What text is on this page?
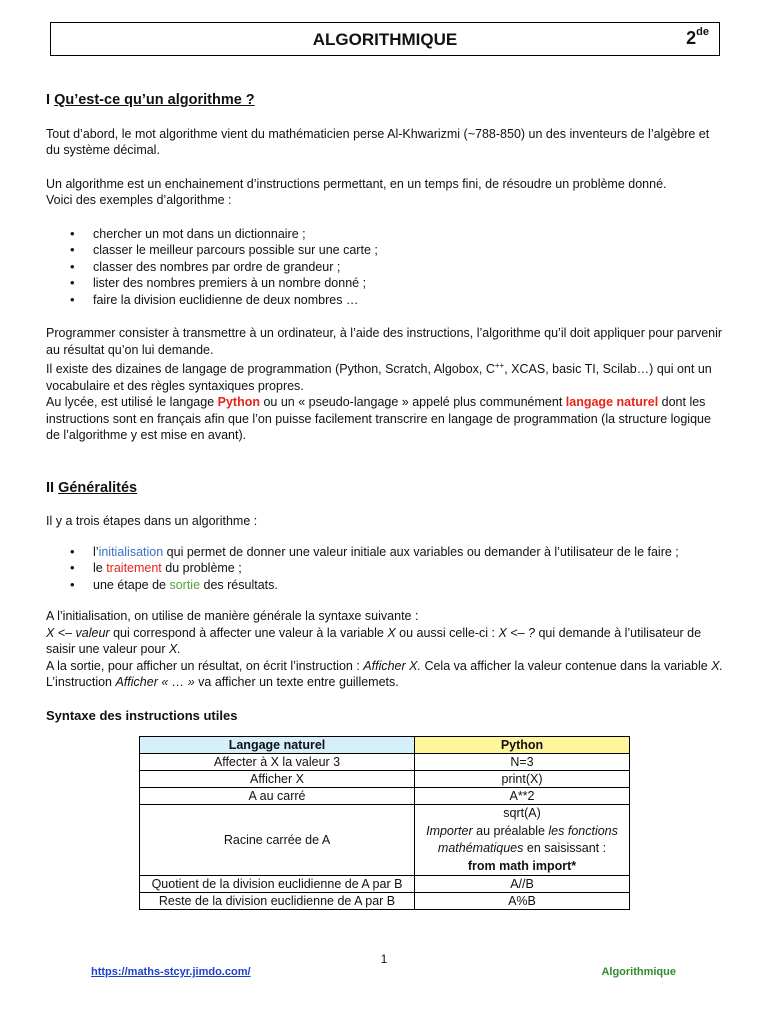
ALGORITHMIQUE	2de
I Qu’est-ce qu’un algorithme ?

Tout d’abord, le mot algorithme vient du mathématicien perse Al-Khwarizmi (~788-850) un des inventeurs de l’algèbre et du système décimal.

Un algorithme est un enchainement d’instructions permettant, en un temps fini, de résoudre un problème donné.

Voici des exemples d’algorithme :

• chercher un mot dans un dictionnaire ;
• classer le meilleur parcours possible sur une carte ;
• classer des nombres par ordre de grandeur ;
• lister des nombres premiers à un nombre donné ;
• faire la division euclidienne de deux nombres …

Programmer consister à transmettre à un ordinateur, à l’aide des instructions, l’algorithme qu’il doit appliquer pour parvenir au résultat qu’on lui demande.

Il existe des dizaines de langage de programmation (Python, Scratch, Algobox, C++, XCAS, basic TI, Scilab…) qui ont un vocabulaire et des règles syntaxiques propres.

Au lycée, est utilisé le langage Python ou un « pseudo-langage » appelé plus communément langage naturel dont les instructions sont en français afin que l’on puisse facilement transcrire en langage de programmation (la structure logique de l’algorithme y est mise en avant).

II Généralités

Il y a trois étapes dans un algorithme :

• l’initialisation qui permet de donner une valeur initiale aux variables ou demander à l’utilisateur de le faire ;
• le traitement du problème ;
• une étape de sortie des résultats.

A l’initialisation, on utilise de manière générale la syntaxe suivante :

X <– valeur qui correspond à affecter une valeur à la variable X ou aussi celle-ci : X <– ? qui demande à l’utilisateur de saisir une valeur pour X.

A la sortie, pour afficher un résultat, on écrit l’instruction : Afficher X. Cela va afficher la valeur contenue dans la variable X. L’instruction Afficher « … » va afficher un texte entre guillemets.

Syntaxe des instructions utiles

Langage naturel	Python
Affecter à X la valeur 3	N=3
Afficher X	print(X)
A au carré	A**2
Racine carrée de A	sqrt(A)
Importer au préalable les fonctions mathématiques en saisissant :
from math import*

Quotient de la division euclidienne de A par B	A//B
Reste de la division euclidienne de A par B	A%B
1
https://maths-stcyr.jimdo.com/	Algorithmique
